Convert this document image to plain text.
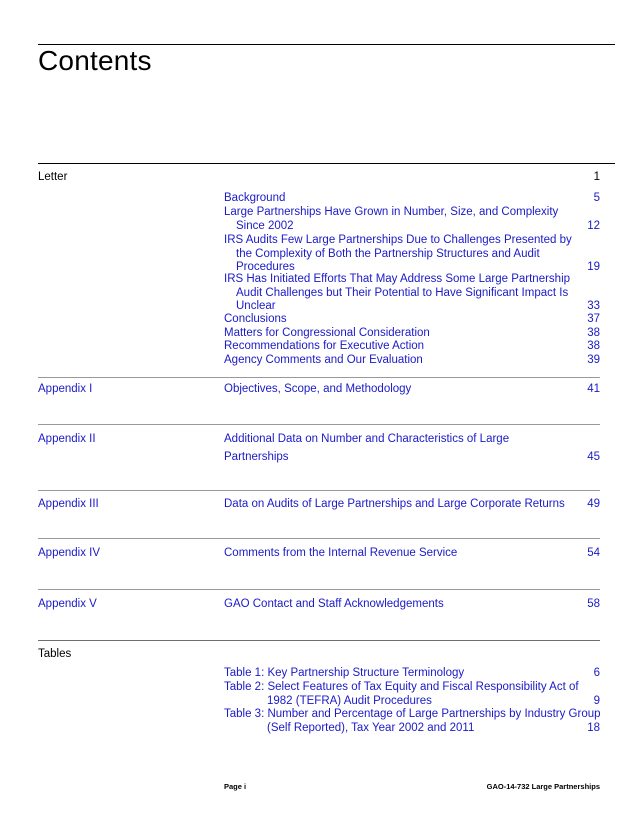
Contents
Letter	1
Background	5
Large Partnerships Have Grown in Number, Size, and Complexity Since 2002	12
IRS Audits Few Large Partnerships Due to Challenges Presented by the Complexity of Both the Partnership Structures and Audit Procedures	19
IRS Has Initiated Efforts That May Address Some Large Partnership Audit Challenges but Their Potential to Have Significant Impact Is Unclear	33
Conclusions	37
Matters for Congressional Consideration	38
Recommendations for Executive Action	38
Agency Comments and Our Evaluation	39
Appendix I	Objectives, Scope, and Methodology	41
Appendix II	Additional Data on Number and Characteristics of Large
Partnerships	45
Appendix III	Data on Audits of Large Partnerships and Large Corporate Returns	49
Appendix IV	Comments from the Internal Revenue Service	54
Appendix V	GAO Contact and Staff Acknowledgements	58
Tables
Table 1: Key Partnership Structure Terminology	6
Table 2: Select Features of Tax Equity and Fiscal Responsibility Act of 1982 (TEFRA) Audit Procedures	9
Table 3: Number and Percentage of Large Partnerships by Industry Group (Self Reported), Tax Year 2002 and 2011	18
Page i	GAO-14-732 Large Partnerships
